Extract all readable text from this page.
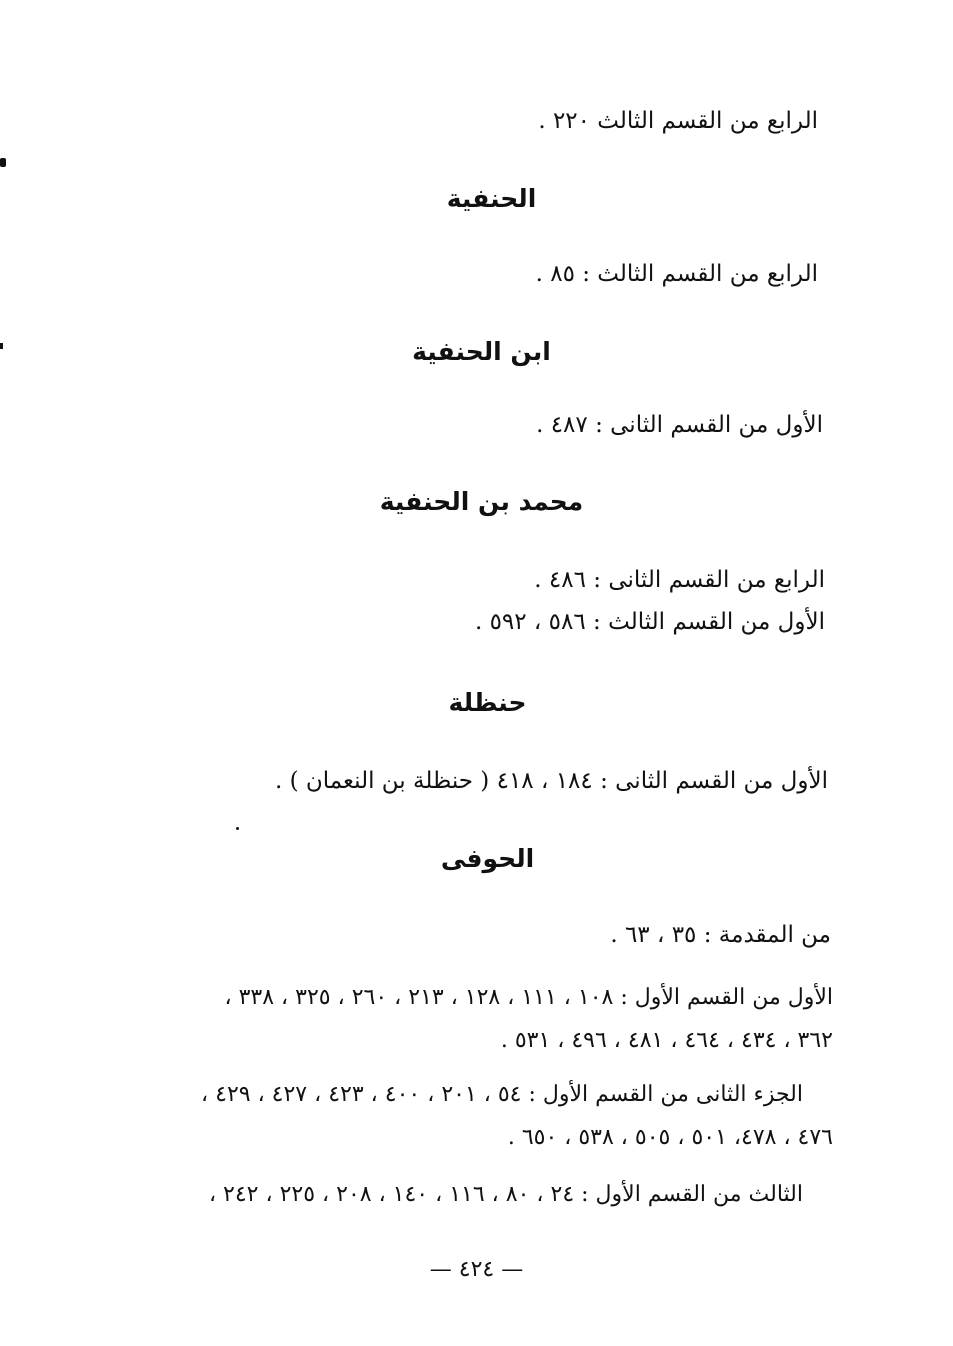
الرابع من القسم الثالث ٢٢٠ .
الحنفية
الرابع من القسم الثالث : ٨٥ .
ابن الحنفية
الأول من القسم الثانى : ٤٨٧ .
محمد بن الحنفية
الرابع من القسم الثانى : ٤٨٦ .
الأول من القسم الثالث : ٥٨٦ ، ٥٩٢ .
حنظلة
الأول من القسم الثانى : ١٨٤ ، ٤١٨ ( حنظلة بن النعمان ) .
الحوفى
من المقدمة : ٣٥ ، ٦٣ .
الأول من القسم الأول : ١٠٨ ، ١١١ ، ١٢٨ ، ٢١٣ ، ٢٦٠ ، ٣٢٥ ، ٣٣٨ ،
٣٦٢ ، ٤٣٤ ، ٤٦٤ ، ٤٨١ ، ٤٩٦ ، ٥٣١ .
الجزء الثانى من القسم الأول : ٥٤ ، ٢٠١ ، ٤٠٠ ، ٤٢٣ ، ٤٢٧ ، ٤٢٩ ،
٤٧٦ ، ٤٧٨، ٥٠١ ، ٥٠٥ ، ٥٣٨ ، ٦٥٠ .
الثالث من القسم الأول : ٢٤ ، ٨٠ ، ١١٦ ، ١٤٠ ، ٢٠٨ ، ٢٢٥ ، ٢٤٢ ،
— ٤٢٤ —
